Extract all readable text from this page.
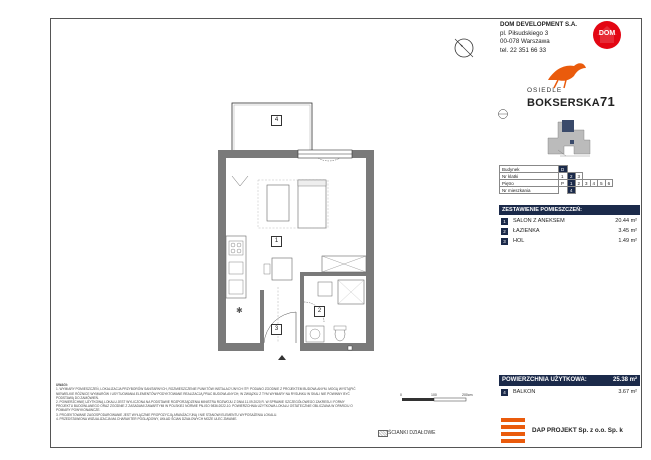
✱
4
1
2
3
DOM DEVELOPMENT S.A.
pl. Piłsudskiego 3
00-078 Warszawa
tel. 22 351 66 33
DOM
OSIEDLE
BOKSERSKA71
Budynek	D						
Nr klatki	1	2	3				
Piętro	P	1	2	3	4	5	6
Nr mieszkania		4					
ZESTAWIENIE POMIESZCZEŃ:
1	SALON Z ANEKSEM	20.44 m²
2	ŁAZIENKA	3.45 m²
3	HOL	1.49 m²
POWIERZCHNIA UŻYTKOWA:	25.38 m²
4	BALKON	3.67 m²
UWAGI:
1. WYMIARY POMIESZCZEŃ, LOKALIZACJA PRZYBORÓW SANITARNYCH, ROZMIESZCZENIE PUNKTÓW INSTALACYJNYCH ITP. PODANO ZGODNIE Z PROJEKTEM BUDOWLANYM. MOGĄ WYSTĄPIĆ NIEWIELKIE RÓŻNICE WYMIARÓW I USYTUOWANIA ELEMENTÓW PODYKTOWANE REALIZACJĄ PRAC BUDOWLANYCH; W ZWIĄZKU Z TYM WYMIARY NA RYSUNKU W SKALI NIE POWINNY BYĆ PODSTAWĄ DO ZAMÓWIEŃ.
2. POWIERZCHNIĘ UŻYTKOWĄ LOKALU JEST WYLICZONA NA PODSTAWIE ROZPORZĄDZENIA MINISTRA ROZWOJU Z DNIA 11.09.2020 R. W SPRAWIE SZCZEGÓŁOWEGO ZAKRESU I FORMY PROJEKTU BUDOWLANEGO ORAZ ZGODNIE Z ZASADAMI ZAWARTYMI W POLSKIEJ NORMIE PN-ISO 9836:2022-10. POWIERZCHNIA UŻYTKOWA LOKALU OSTATECZNIE OBLICZANA W OPARCIU O POMIARY POWYKONAWCZE.
3. PROJEKTOWANE ZAGOSPODAROWANIE JEST WYŁĄCZNIE PROPOZYCJĄ ARANŻACYJNĄ I NIE STANOWI ELEMENTU WYPOSAŻENIA LOKALU.
4. PRZEDSTAWIONA WIZUALIZACJA MA CHARAKTER POGLĄDOWY, UKŁAD ŚCIAN DZIAŁOWYCH MOŻE ULEC ZMIANIE.
0	100	200cm
ŚCIANKI DZIAŁOWE	DAP PROJEKT Sp. z o.o. Sp. k
